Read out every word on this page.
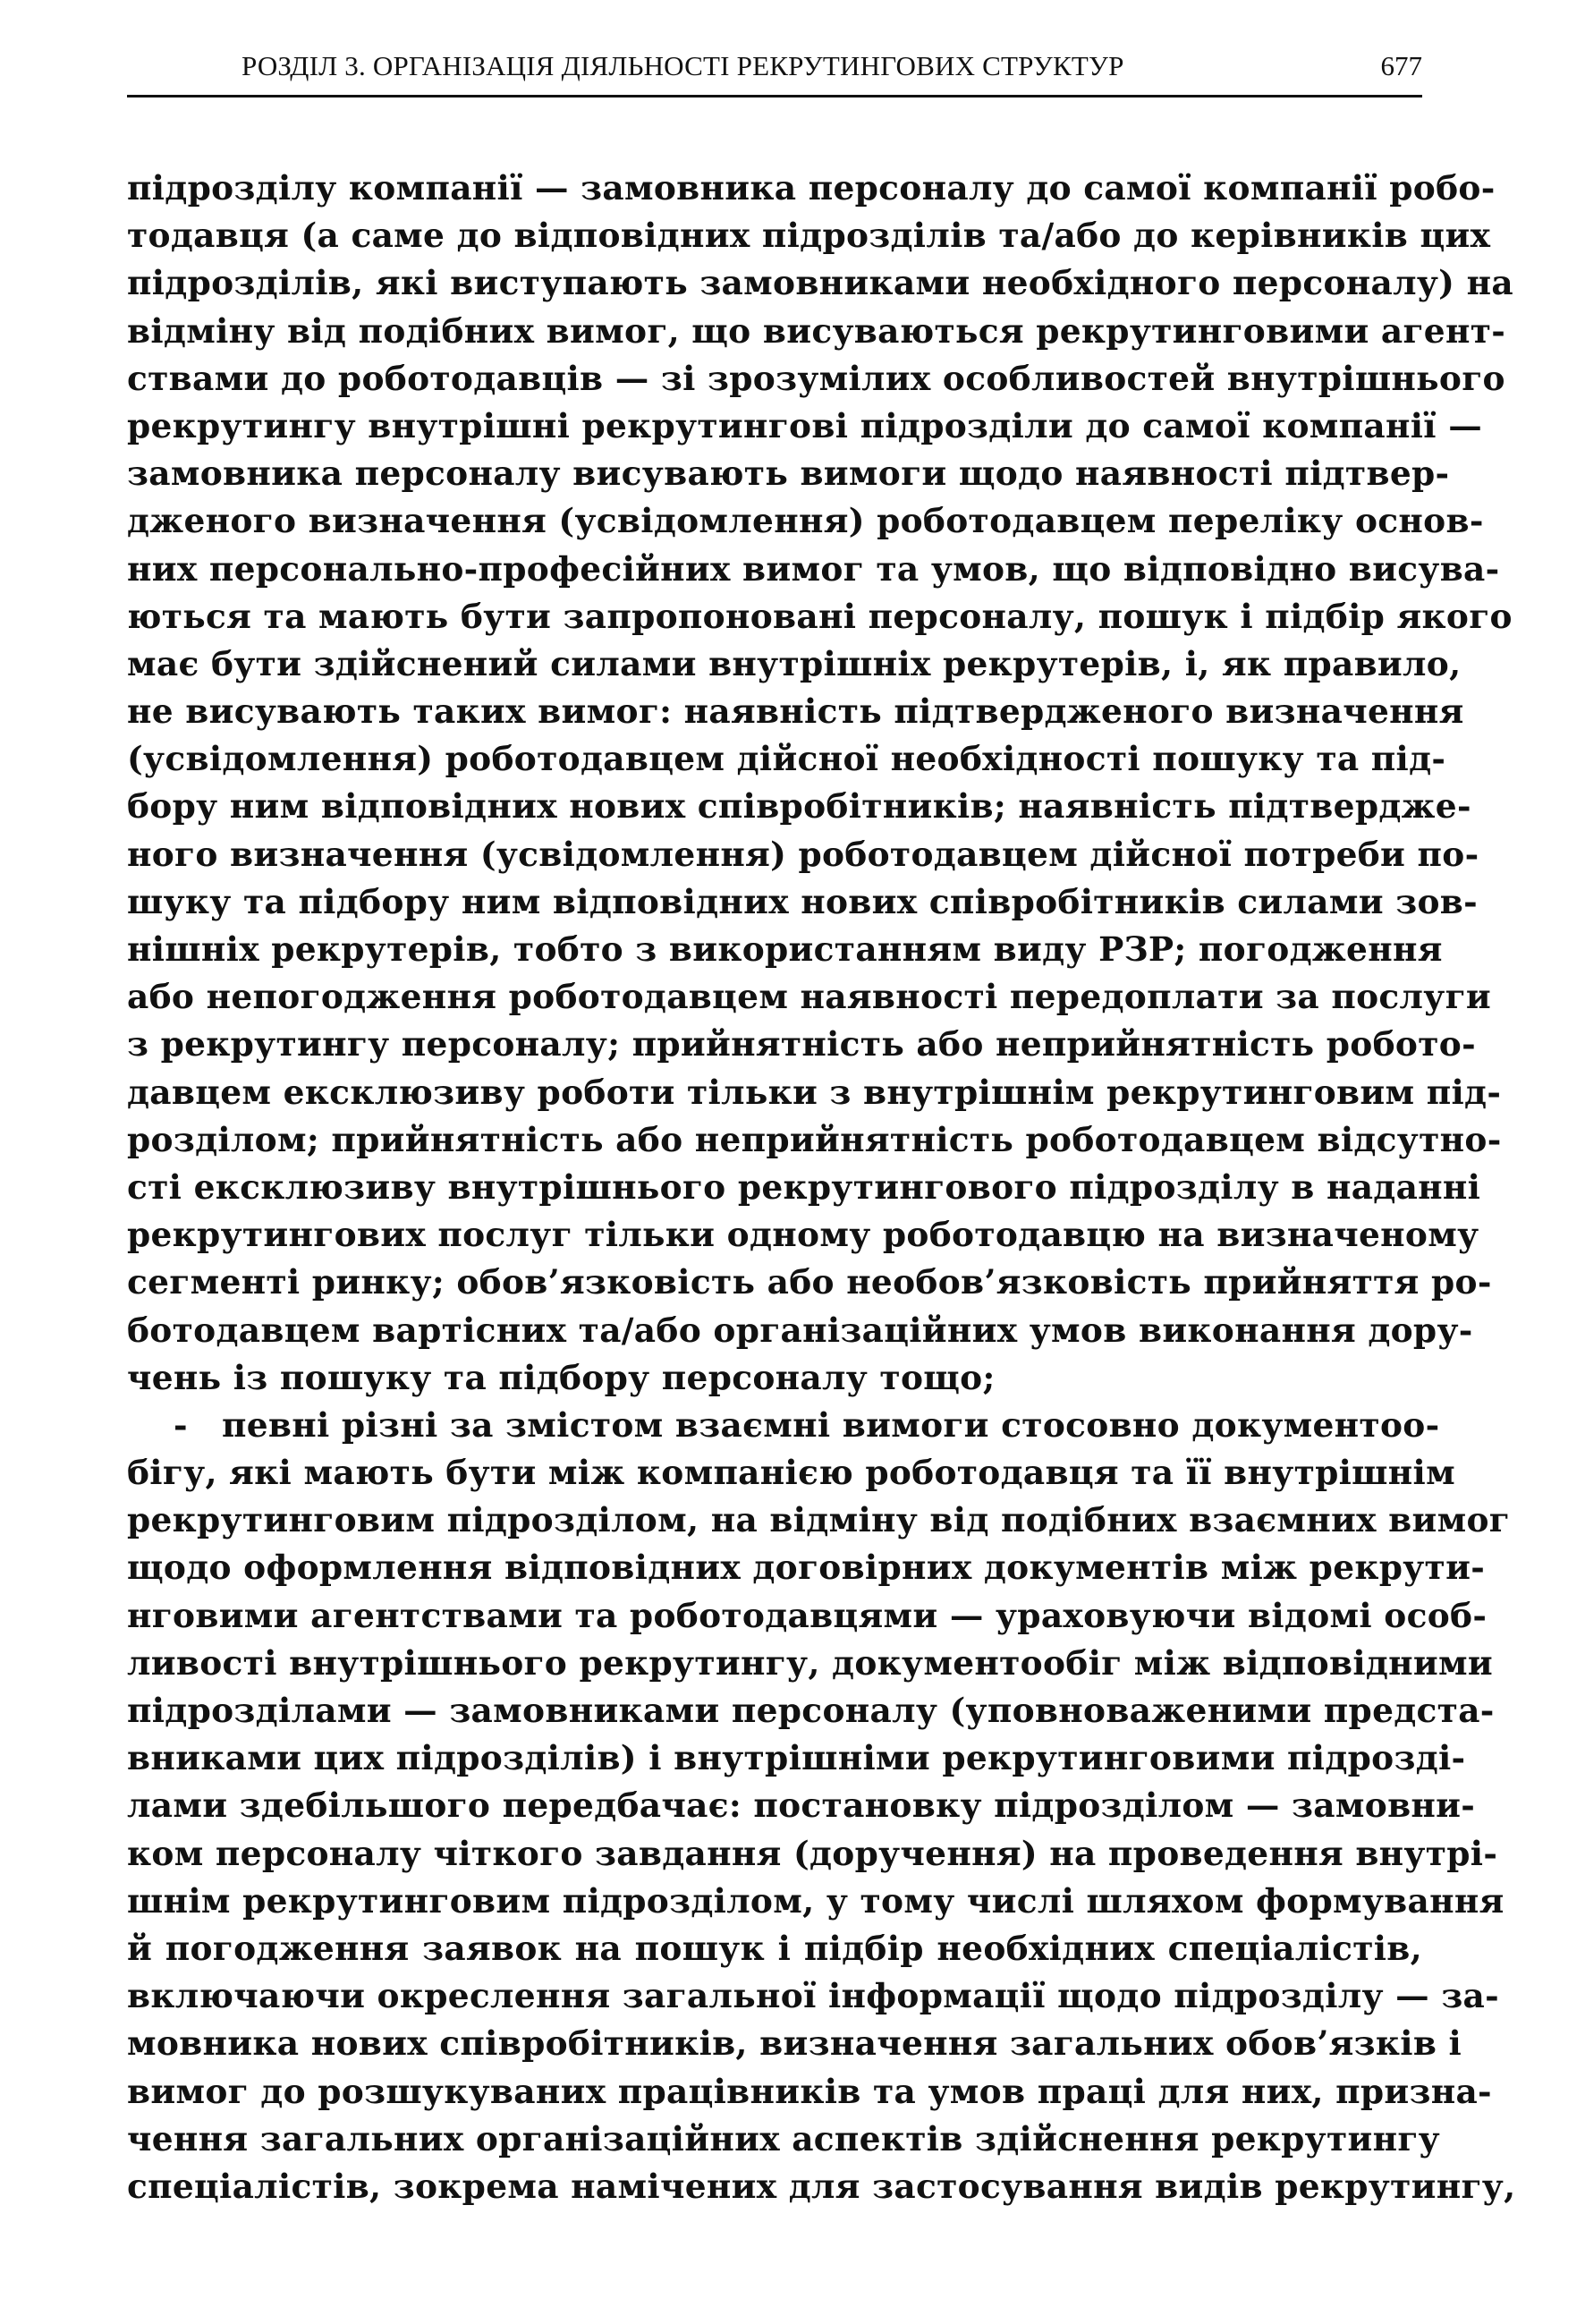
РОЗДІЛ 3. ОРГАНІЗАЦІЯ ДІЯЛЬНОСТІ РЕКРУТИНГОВИХ СТРУКТУР	677
підрозділу компанії — замовника персоналу до самої компанії робо-
тодавця (а саме до відповідних підрозділів та/або до керівників цих
підрозділів, які виступають замовниками необхідного персоналу) на
відміну від подібних вимог, що висуваються рекрутинговими агент-
ствами до роботодавців — зі зрозумілих особливостей внутрішнього
рекрутингу внутрішні рекрутингові підрозділи до самої компанії —
замовника персоналу висувають вимоги щодо наявності підтвер-
дженого визначення (усвідомлення) роботодавцем переліку основ-
них персонально-професійних вимог та умов, що відповідно висува-
ються та мають бути запропоновані персоналу, пошук і підбір якого
має бути здійснений силами внутрішніх рекрутерів, і, як правило,
не висувають таких вимог: наявність підтвердженого визначення
(усвідомлення) роботодавцем дійсної необхідності пошуку та під-
бору ним відповідних нових співробітників; наявність підтвердже-
ного визначення (усвідомлення) роботодавцем дійсної потреби по-
шуку та підбору ним відповідних нових співробітників силами зов-
нішніх рекрутерів, тобто з використанням виду РЗР; погодження
або непогодження роботодавцем наявності передоплати за послуги
з рекрутингу персоналу; прийнятність або неприйнятність роботo-
давцем ексклюзиву роботи тільки з внутрішнім рекрутинговим під-
розділом; прийнятність або неприйнятність роботодавцем відсутно-
сті ексклюзиву внутрішнього рекрутингового підрозділу в наданні
рекрутингових послуг тільки одному роботодавцю на визначеному
сегменті ринку; обов’язковість або необов’язковість прийняття ро-
ботодавцем вартісних та/або організаційних умов виконання дору-
чень із пошуку та підбору персоналу тощо;
- певні різні за змістом взаємні вимоги стосовно документоо-
бігу, які мають бути між компанією роботодавця та її внутрішнім
рекрутинговим підрозділом, на відміну від подібних взаємних вимог
щодо оформлення відповідних договірних документів між рекрути-
нговими агентствами та роботодавцями — ураховуючи відомі особ-
ливості внутрішнього рекрутингу, документообіг між відповідними
підрозділами — замовниками персоналу (уповноваженими предста-
вниками цих підрозділів) і внутрішніми рекрутинговими підрозді-
лами здебільшого передбачає: постановку підрозділом — замовни-
ком персоналу чіткого завдання (доручення) на проведення внутрі-
шнім рекрутинговим підрозділом, у тому числі шляхом формування
й погодження заявок на пошук і підбір необхідних спеціалістів,
включаючи окреслення загальної інформації щодо підрозділу — за-
мовника нових співробітників, визначення загальних обов’язків і
вимог до розшукуваних працівників та умов праці для них, призна-
чення загальних організаційних аспектів здійснення рекрутингу
спеціалістів, зокрема намічених для застосування видів рекрутингу,
